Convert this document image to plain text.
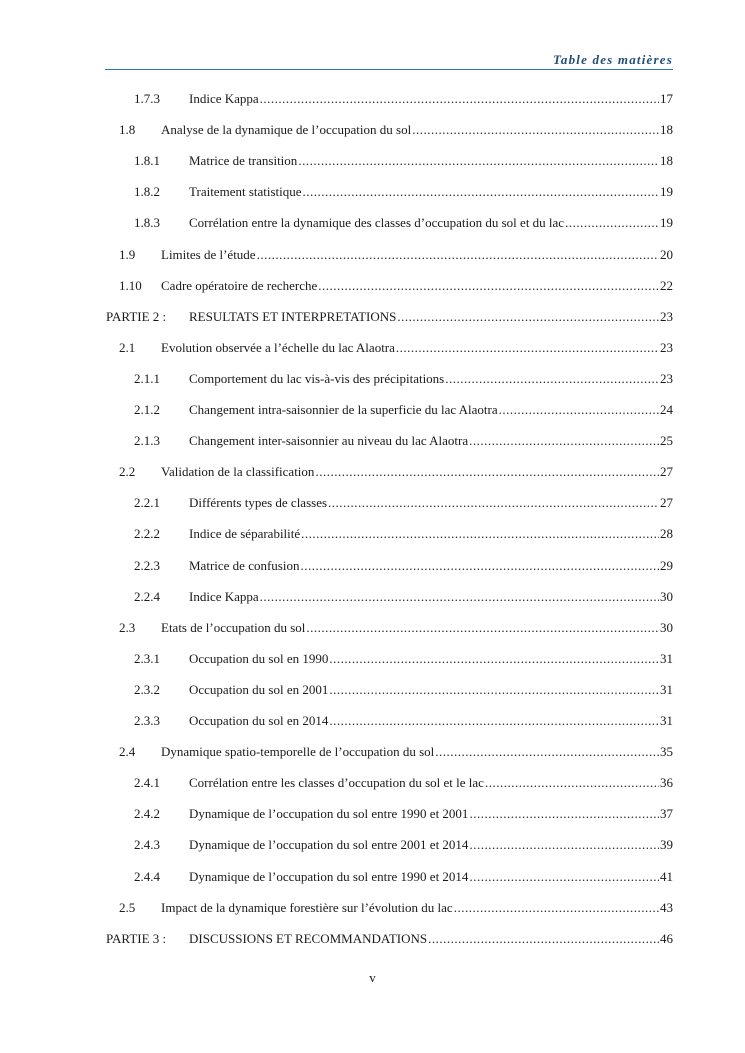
Table des matières
1.7.3 Indice Kappa .....	17
1.8 Analyse de la dynamique de l’occupation du sol .....	18
1.8.1 Matrice de transition .....	18
1.8.2 Traitement statistique .....	19
1.8.3 Corrélation entre la dynamique des classes d’occupation du sol et du lac .....	19
1.9 Limites de l’étude .....	20
1.10 Cadre opératoire de recherche .....	22
PARTIE 2 : RESULTATS ET INTERPRETATIONS .....	23
2.1 Evolution observée a l’échelle du lac Alaotra .....	23
2.1.1 Comportement du lac vis-à-vis des précipitations .....	23
2.1.2 Changement intra-saisonnier de la superficie du lac Alaotra .....	24
2.1.3 Changement inter-saisonnier au niveau du lac Alaotra .....	25
2.2 Validation de la classification .....	27
2.2.1 Différents types de classes .....	27
2.2.2 Indice de séparabilité .....	28
2.2.3 Matrice de confusion .....	29
2.2.4 Indice Kappa .....	30
2.3 Etats de l’occupation du sol .....	30
2.3.1 Occupation du sol en 1990 .....	31
2.3.2 Occupation du sol en 2001 .....	31
2.3.3 Occupation du sol en 2014 .....	31
2.4 Dynamique spatio-temporelle de l’occupation du sol .....	35
2.4.1 Corrélation entre les classes d’occupation du sol et le lac .....	36
2.4.2 Dynamique de l’occupation du sol entre 1990 et 2001 .....	37
2.4.3 Dynamique de l’occupation du sol entre 2001 et 2014 .....	39
2.4.4 Dynamique de l’occupation du sol entre 1990 et 2014 .....	41
2.5 Impact de la dynamique forestière sur l’évolution du lac .....	43
PARTIE 3 : DISCUSSIONS ET RECOMMANDATIONS .....	46
v
